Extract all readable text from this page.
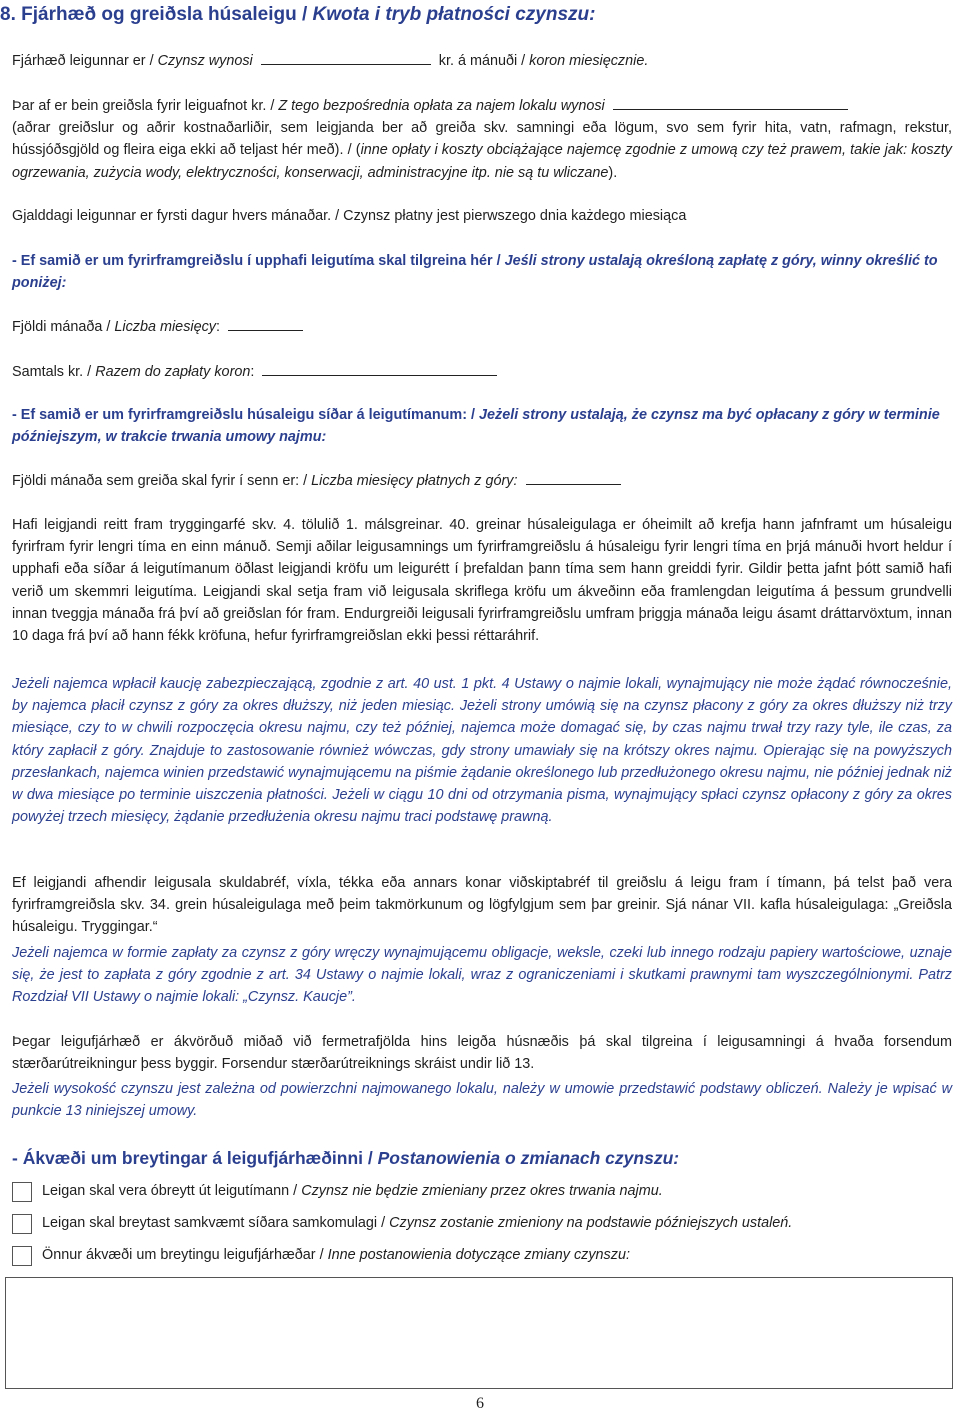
8. Fjárhæð og greiðsla húsaleigu / Kwota i tryb płatności czynszu:
Fjárhæð leigunnar er / Czynsz wynosi	kr. á mánuði / koron miesięcznie.
Þar af er bein greiðsla fyrir leiguafnot kr. / Z tego bezpośrednia opłata za najem lokalu wynosi
(aðrar greiðslur og aðrir kostnaðarliðir, sem leigjanda ber að greiða skv. samningi eða lögum, svo sem fyrir hita, vatn, rafmagn, rekstur, hússjóðsgjöld og fleira eiga ekki að teljast hér með). / (inne opłaty i koszty obciążające najemcę zgodnie z umową czy też prawem, takie jak: koszty ogrzewania, zużycia wody, elektryczności, konserwacji, administracyjne itp. nie są tu wliczane).
Gjalddagi leigunnar er fyrsti dagur hvers mánaðar. / Czynsz płatny jest pierwszego dnia każdego miesiąca
- Ef samið er um fyrirframgreiðslu í upphafi leigutíma skal tilgreina hér / Jeśli strony ustalają określoną zapłatę z góry, winny określić to poniżej:
Fjöldi mánaða / Liczba miesięcy:
Samtals kr. / Razem do zapłaty koron:
- Ef samið er um fyrirframgreiðslu húsaleigu síðar á leigutímanum: / Jeżeli strony ustalają, że czynsz ma być opłacany z góry w terminie późniejszym, w trakcie trwania umowy najmu:
Fjöldi mánaða sem greiða skal fyrir í senn er: / Liczba miesięcy płatnych z góry:
Hafi leigjandi reitt fram tryggingarfé skv. 4. tölulið 1. málsgreinar. 40. greinar húsaleigulaga er óheimilt að krefja hann jafnframt um húsaleigu fyrirfram fyrir lengri tíma en einn mánuð. Semji aðilar leigusamnings um fyrirframgreiðslu á húsaleigu fyrir lengri tíma en þrjá mánuði hvort heldur í upphafi eða síðar á leigutímanum öðlast leigjandi kröfu um leigurétt í þrefaldan þann tíma sem hann greiddi fyrir. Gildir þetta jafnt þótt samið hafi verið um skemmri leigutíma. Leigjandi skal setja fram við leigusala skriflega kröfu um ákveðinn eða framlengdan leigutíma á þessum grundvelli innan tveggja mánaða frá því að greiðslan fór fram. Endurgreiði leigusali fyrirframgreiðslu umfram þriggja mánaða leigu ásamt dráttarvöxtum, innan 10 daga frá því að hann fékk kröfuna, hefur fyrirframgreiðslan ekki þessi réttaráhrif.
Jeżeli najemca wpłacił kaucję zabezpieczającą, zgodnie z art. 40 ust. 1 pkt. 4 Ustawy o najmie lokali, wynajmujący nie może żądać równocześnie, by najemca płacił czynsz z góry za okres dłuższy, niż jeden miesiąc. Jeżeli strony umówią się na czynsz płacony z góry za okres dłuższy niż trzy miesiące, czy to w chwili rozpoczęcia okresu najmu, czy też później, najemca może domagać się, by czas najmu trwał trzy razy tyle, ile czas, za który zapłacił z góry. Znajduje to zastosowanie również wówczas, gdy strony umawiały się na krótszy okres najmu. Opierając się na powyższych przesłankach, najemca winien przedstawić wynajmującemu na piśmie żądanie określonego lub przedłużonego okresu najmu, nie później jednak niż w dwa miesiące po terminie uiszczenia płatności. Jeżeli w ciągu 10 dni od otrzymania pisma, wynajmujący spłaci czynsz opłacony z góry za okres powyżej trzech miesięcy, żądanie przedłużenia okresu najmu traci podstawę prawną.
Ef leigjandi afhendir leigusala skuldabréf, víxla, tékka eða annars konar viðskiptabréf til greiðslu á leigu fram í tímann, þá telst það vera fyrirframgreiðsla skv. 34. grein húsaleigulaga með þeim takmörkunum og lögfylgjum sem þar greinir. Sjá nánar VII. kafla húsaleigulaga: „Greiðsla húsaleigu. Tryggingar.“
Jeżeli najemca w formie zapłaty za czynsz z góry wręczy wynajmującemu obligacje, weksle, czeki lub innego rodzaju papiery wartościowe, uznaje się, że jest to zapłata z góry zgodnie z art. 34 Ustawy o najmie lokali, wraz z ograniczeniami i skutkami prawnymi tam wyszczególnionymi. Patrz Rozdział VII Ustawy o najmie lokali: „Czynsz. Kaucje”.
Þegar leigufjárhæð er ákvörðuð miðað við fermetrafjölda hins leigða húsnæðis þá skal tilgreina í leigusamningi á hvaða forsendum stærðarútreikningur þess byggir. Forsendur stærðarútreiknings skráist undir lið 13.
Jeżeli wysokość czynszu jest zależna od powierzchni najmowanego lokalu, należy w umowie przedstawić podstawy obliczeń. Należy je wpisać w punkcie 13 niniejszej umowy.
- Ákvæði um breytingar á leigufjárhæðinni / Postanowienia o zmianach czynszu:
Leigan skal vera óbreytt út leigutímann / Czynsz nie będzie zmieniany przez okres trwania najmu.
Leigan skal breytast samkvæmt síðara samkomulagi / Czynsz zostanie zmieniony na podstawie późniejszych ustaleń.
Önnur ákvæði um breytingu leigufjárhæðar / Inne postanowienia dotyczące zmiany czynszu:
6
